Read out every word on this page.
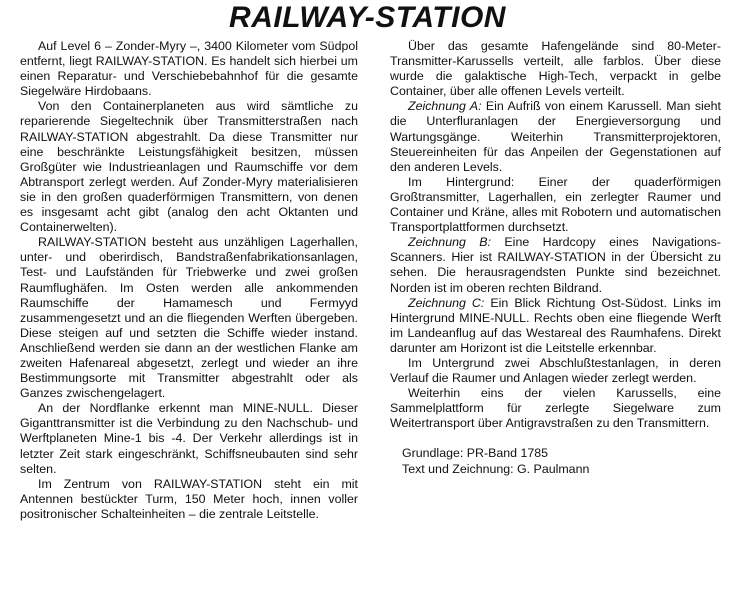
RAILWAY-STATION

Auf Level 6 – Zonder-Myry –, 3400 Kilometer vom Südpol entfernt, liegt RAILWAY-STATION. Es handelt sich hierbei um einen Reparatur- und Verschiebebahnhof für die gesamte Siegelwäre Hirdobaans.

Von den Containerplaneten aus wird sämtliche zu reparierende Siegeltechnik über Transmitterstraßen nach RAILWAY-STATION abgestrahlt. Da diese Transmitter nur eine beschränkte Leistungsfähigkeit besitzen, müssen Großgüter wie Industrieanlagen und Raumschiffe vor dem Abtransport zerlegt werden. Auf Zonder-Myry materialisieren sie in den großen quaderförmigen Transmittern, von denen es insgesamt acht gibt (analog den acht Oktanten und Containerwelten).

RAILWAY-STATION besteht aus unzähligen Lagerhallen, unter- und oberirdisch, Bandstraßenfabrikationsanlagen, Test- und Laufständen für Triebwerke und zwei großen Raumflughäfen. Im Osten werden alle ankommenden Raumschiffe der Hamamesch und Fermyyd zusammengesetzt und an die fliegenden Werften übergeben. Diese steigen auf und setzten die Schiffe wieder instand. Anschließend werden sie dann an der westlichen Flanke am zweiten Hafenareal abgesetzt, zerlegt und wieder an ihre Bestimmungsorte mit Transmitter abgestrahlt oder als Ganzes zwischengelagert.

An der Nordflanke erkennt man MINE-NULL. Dieser Giganttransmitter ist die Verbindung zu den Nachschub- und Werftplaneten Mine-1 bis -4. Der Verkehr allerdings ist in letzter Zeit stark eingeschränkt, Schiffsneubauten sind sehr selten.

Im Zentrum von RAILWAY-STATION steht ein mit Antennen bestückter Turm, 150 Meter hoch, innen voller positronischer Schalteinheiten – die zentrale Leitstelle.

Über das gesamte Hafengelände sind 80-Meter-Transmitter-Karussells verteilt, alle farblos. Über diese wurde die galaktische High-Tech, verpackt in gelbe Container, über alle offenen Levels verteilt.

Zeichnung A: Ein Aufriß von einem Karussell. Man sieht die Unterfluranlagen der Energieversorgung und Wartungsgänge. Weiterhin Transmitterprojektoren, Steuereinheiten für das Anpeilen der Gegenstationen auf den anderen Levels.

Im Hintergrund: Einer der quaderförmigen Großtransmitter, Lagerhallen, ein zerlegter Raumer und Container und Kräne, alles mit Robotern und automatischen Transportplattformen durchsetzt.

Zeichnung B: Eine Hardcopy eines Navigations-Scanners. Hier ist RAILWAY-STATION in der Übersicht zu sehen. Die herausragendsten Punkte sind bezeichnet. Norden ist im oberen rechten Bildrand.

Zeichnung C: Ein Blick Richtung Ost-Südost. Links im Hintergrund MINE-NULL. Rechts oben eine fliegende Werft im Landeanflug auf das Westareal des Raumhafens. Direkt darunter am Horizont ist die Leitstelle erkennbar.

Im Untergrund zwei Abschlußtestanlagen, in deren Verlauf die Raumer und Anlagen wieder zerlegt werden.

Weiterhin eins der vielen Karussells, eine Sammelplattform für zerlegte Siegelware zum Weitertransport über Antigravstraßen zu den Transmittern.

Grundlage: PR-Band 1785
Text und Zeichnung: G. Paulmann
